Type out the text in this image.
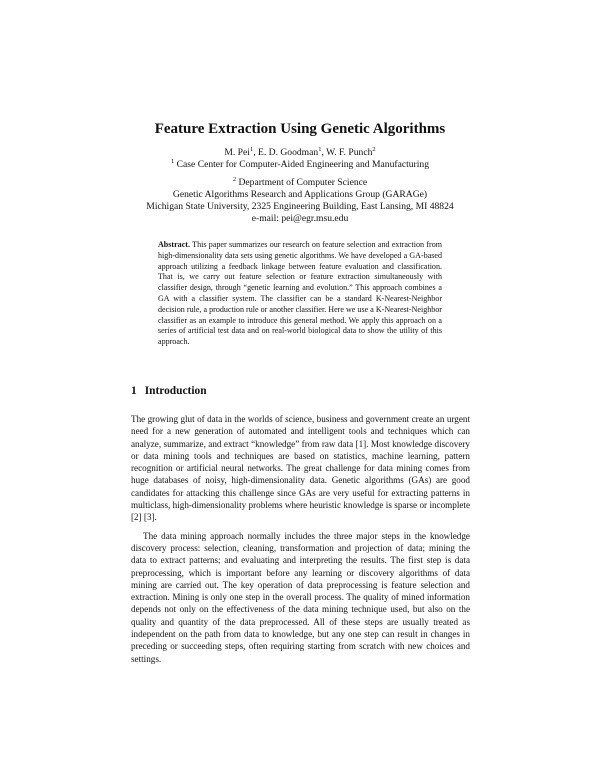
Feature Extraction Using Genetic Algorithms

M. Pei$^1$, E. D. Goodman$^1$, W. F. Punch$^2$

$^1$ Case Center for Computer-Aided Engineering and Manufacturing

$^2$ Department of Computer Science

Genetic Algorithms Research and Applications Group (GARAGe)

Michigan State University, 2325 Engineering Building, East Lansing, MI 48824

e-mail: pei@egr.msu.edu

Abstract. This paper summarizes our research on feature selection and extraction from high-dimensionality data sets using genetic algorithms. We have developed a GA-based approach utilizing a feedback linkage between feature evaluation and classification. That is, we carry out feature selection or feature extraction simultaneously with classifier design, through “genetic learning and evolution.” This approach combines a GA with a classifier system. The classifier can be a standard K-Nearest-Neighbor decision rule, a production rule or another classifier. Here we use a K-Nearest-Neighbor classifier as an example to introduce this general method. We apply this approach on a series of artificial test data and on real-world biological data to show the utility of this approach.

1 Introduction

The growing glut of data in the worlds of science, business and government create an urgent need for a new generation of automated and intelligent tools and techniques which can analyze, summarize, and extract “knowledge” from raw data [1]. Most knowledge discovery or data mining tools and techniques are based on statistics, machine learning, pattern recognition or artificial neural networks. The great challenge for data mining comes from huge databases of noisy, high-dimensionality data. Genetic algorithms (GAs) are good candidates for attacking this challenge since GAs are very useful for extracting patterns in multiclass, high-dimensionality problems where heuristic knowledge is sparse or incomplete [2] [3].

The data mining approach normally includes the three major steps in the knowledge discovery process: selection, cleaning, transformation and projection of data; mining the data to extract patterns; and evaluating and interpreting the results. The first step is data preprocessing, which is important before any learning or discovery algorithms of data mining are carried out. The key operation of data preprocessing is feature selection and extraction. Mining is only one step in the overall process. The quality of mined information depends not only on the effectiveness of the data mining technique used, but also on the quality and quantity of the data preprocessed. All of these steps are usually treated as independent on the path from data to knowledge, but any one step can result in changes in preceding or succeeding steps, often requiring starting from scratch with new choices and settings.
